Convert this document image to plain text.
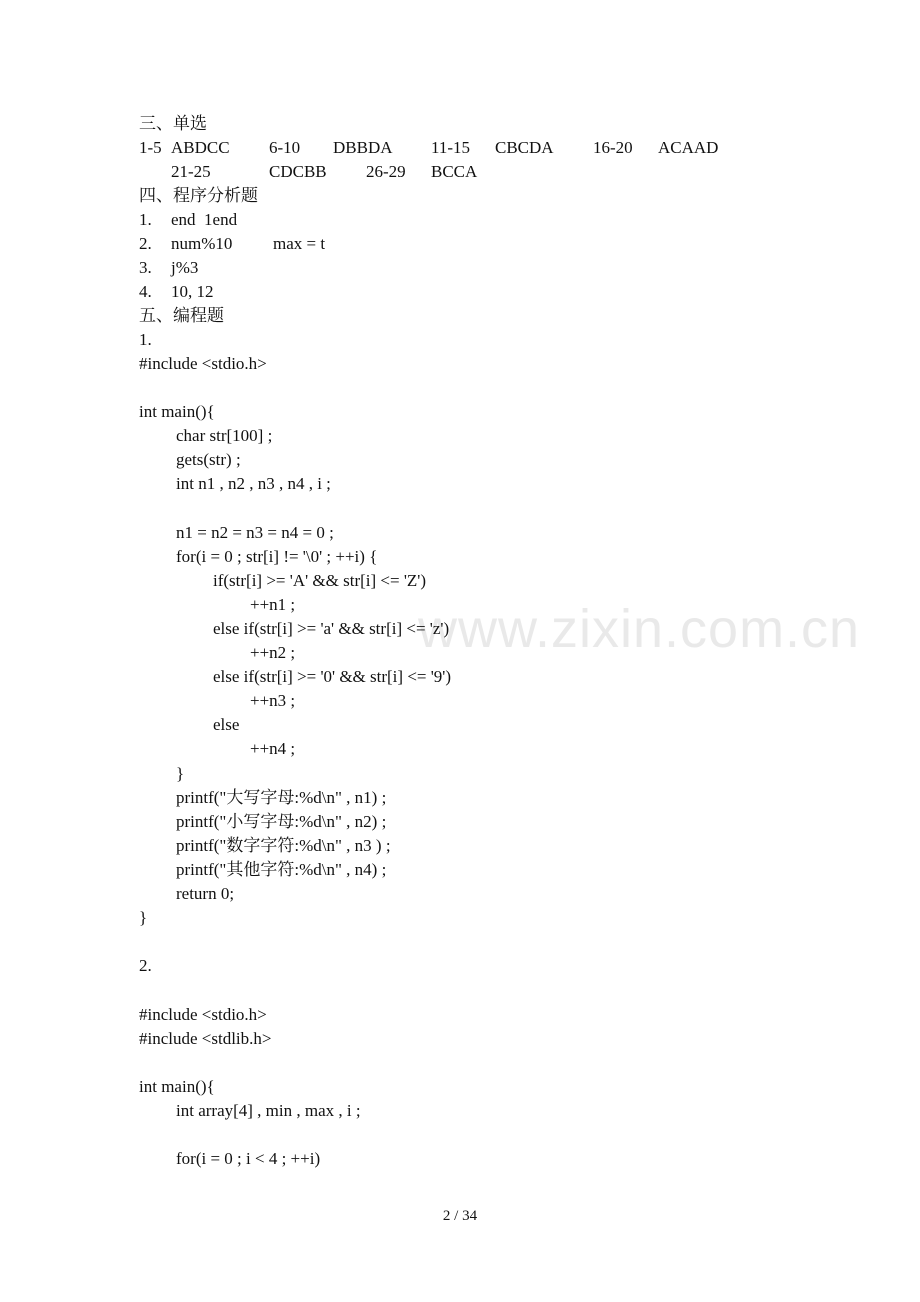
www.zixin.com.cn
三、单选

1-5

ABDCC

6-10

DBBDA

11-15

CBCDA

16-20

ACAAD

21-25

	CDCBB

26-29

BCCA

四、程序分析题

1.

end  1end

2.

num%10

max = t

3.

j%3

4.

10, 12

五、编程题
1.
#include <stdio.h>
int main(){
char str[100] ;
gets(str) ;
int n1 , n2 , n3 , n4 , i ;
n1 = n2 = n3 = n4 = 0 ;
for(i = 0 ; str[i] != '\0' ; ++i) {
if(str[i] >= 'A' && str[i] <= 'Z')
++n1 ;
else if(str[i] >= 'a' && str[i] <= 'z')
++n2 ;
else if(str[i] >= '0' && str[i] <= '9')
++n3 ;
else
++n4 ;
}
printf("大写字母:%d\n" , n1) ;
printf("小写字母:%d\n" , n2) ;
printf("数字字符:%d\n" , n3 ) ;
printf("其他字符:%d\n" , n4) ;
return 0;
}
2.
#include <stdio.h>
#include <stdlib.h>
int main(){
int array[4] , min , max , i ;
for(i = 0 ; i < 4 ; ++i)
2 / 34
